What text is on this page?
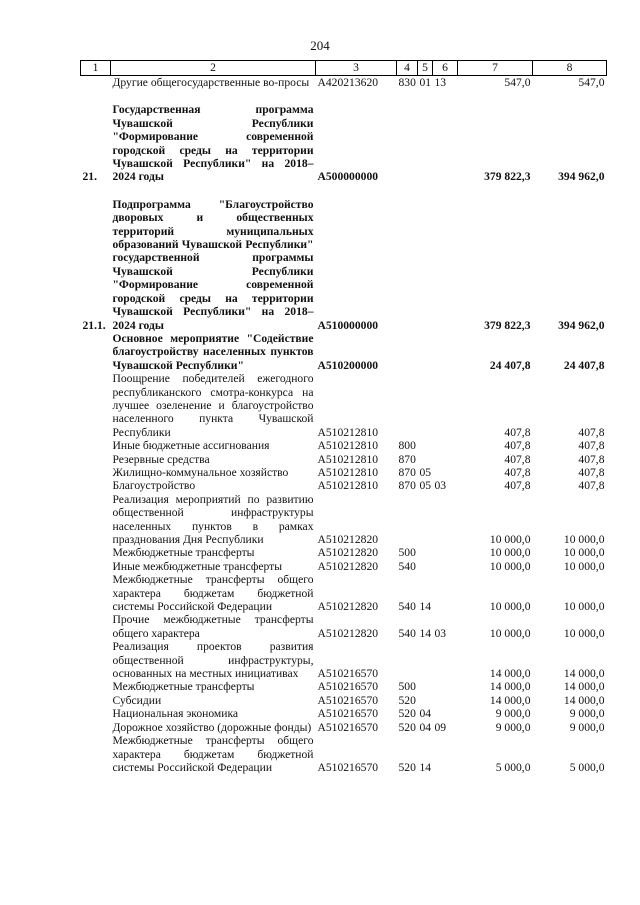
204
1	2	3	4	5	6	7	8
	Другие общегосударственные во-просы	А420213620	830	01	13	547,0	547,0

21.	Государственная программа Чувашской Республики "Формирование современной городской среды на территории Чувашской Республики" на 2018–2024 годы	А500000000				379 822,3	394 962,0

21.1.	Подпрограмма "Благоустройство дворовых и общественных территорий муниципальных образований Чувашской Республики" государственной программы Чувашской Республики "Формирование современной городской среды на территории Чувашской Республики" на 2018–2024 годы	А510000000				379 822,3	394 962,0
	Основное мероприятие "Содействие благоустройству населенных пунктов Чувашской Республики"	А510200000				24 407,8	24 407,8
	Поощрение победителей ежегодного республиканского смотра-конкурса на лучшее озеленение и благоустройство населенного пункта Чувашской Республики	А510212810				407,8	407,8
	Иные бюджетные ассигнования	А510212810	800			407,8	407,8
	Резервные средства	А510212810	870			407,8	407,8
	Жилищно-коммунальное хозяйство	А510212810	870	05		407,8	407,8
	Благоустройство	А510212810	870	05	03	407,8	407,8
	Реализация мероприятий по развитию общественной инфраструктуры населенных пунктов в рамках празднования Дня Республики	А510212820				10 000,0	10 000,0
	Межбюджетные трансферты	А510212820	500			10 000,0	10 000,0
	Иные межбюджетные трансферты	А510212820	540			10 000,0	10 000,0
	Межбюджетные трансферты общего характера бюджетам бюджетной системы Российской Федерации	А510212820	540	14		10 000,0	10 000,0
	Прочие межбюджетные трансферты общего характера	А510212820	540	14	03	10 000,0	10 000,0
	Реализация проектов развития общественной инфраструктуры, основанных на местных инициативах	А510216570				14 000,0	14 000,0
	Межбюджетные трансферты	А510216570	500			14 000,0	14 000,0
	Субсидии	А510216570	520			14 000,0	14 000,0
	Национальная экономика	А510216570	520	04		9 000,0	9 000,0
	Дорожное хозяйство (дорожные фонды)	А510216570	520	04	09	9 000,0	9 000,0
	Межбюджетные трансферты общего характера бюджетам бюджетной системы Российской Федерации	А510216570	520	14		5 000,0	5 000,0
